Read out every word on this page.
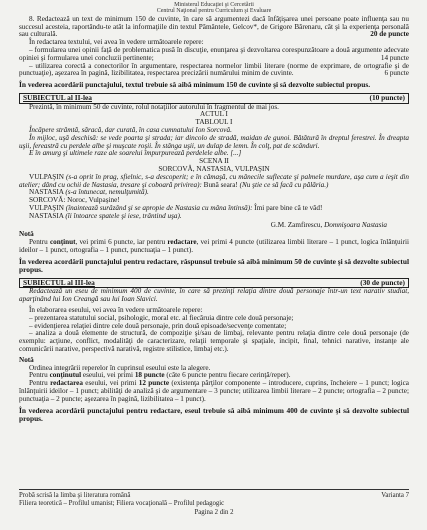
Ministerul Educaţiei şi Cercetării
Centrul Naţional pentru Curriculum şi Evaluare

8. Redactează un text de minimum 150 de cuvinte, în care să argumentezi dacă înfăţişarea unei persoane poate influenţa sau nu succesul acesteia, raportându-te atât la informaţiile din textul Pământele, Gelcov*, de Grigore Bărenaru, cât şi la experienţa personală sau culturală.	20 de puncte

În redactarea textului, vei avea în vedere următoarele repere:

– formularea unei opinii faţă de problematica pusă în discuţie, enunţarea şi dezvoltarea corespunzătoare a două argumente adecvate opiniei şi formularea unei concluzii pertinente;	14 puncte

– utilizarea corectă a conectorilor în argumentare, respectarea normelor limbii literare (norme de exprimare, de ortografie şi de punctuaţie), aşezarea în pagină, lizibilitatea, respectarea precizării numărului minim de cuvinte.	6 puncte

În vederea acordării punctajului, textul trebuie să aibă minimum 150 de cuvinte şi să dezvolte subiectul propus.

SUBIECTUL al II-lea	(10 puncte)

Prezintă, în minimum 50 de cuvinte, rolul notaţiilor autorului în fragmentul de mai jos.

ACTUL I

TABLOUL I

Încăpere strâmtă, săracă, dar curată, în casa cumnatului Ion Sorcovă.

În mijloc, uşă deschisă: se vede poarta şi strada; iar dincolo de stradă, maidan de gunoi. Bătătură în dreptul ferestrei. În dreapta uşii, fereastră cu perdele albe şi muşcate roşii. În stânga uşii, un dulap de lemn. În colţ, pat de scânduri.

E în amurg şi ultimele raze ale soarelui împurpurează perdelele albe. [...]

SCENA II

SORCOVĂ, NASTASIA, VULPAŞIN

VULPAŞIN (s-a oprit în prag, sfielnic, s-a descoperit; e în cămaşă, cu mânecile suflecate şi palmele murdare, aşa cum a ieşit din atelier; dând cu ochii de Nastasia, tresare şi coboară privirea): Bună seara! (Nu ştie ce să facă cu pălăria.)

NASTASIA (s-a întunecat, nemulţumită).

SORCOVĂ: Noroc, Vulpaşine!

VULPAŞIN (înaintează surâzând şi se apropie de Nastasia cu mâna întinsă): Îmi pare bine că te văd!

NASTASIA (îi întoarce spatele şi iese, trântind uşa).

G.M. Zamfirescu, Domnişoara Nastasia

Notă

Pentru conţinut, vei primi 6 puncte, iar pentru redactare, vei primi 4 puncte (utilizarea limbii literare – 1 punct, logica înlănţuirii ideilor – 1 punct, ortografia – 1 punct, punctuaţia – 1 punct).

În vederea acordării punctajului pentru redactare, răspunsul trebuie să aibă minimum 50 de cuvinte şi să dezvolte subiectul propus.

SUBIECTUL al III-lea	(30 de puncte)

Redactează un eseu de minimum 400 de cuvinte, în care să prezinţi relaţia dintre două personaje într-un text narativ studiat, aparţinând lui Ion Creangă sau lui Ioan Slavici.

În elaborarea eseului, vei avea în vedere următoarele repere:

– prezentarea statutului social, psihologic, moral etc. al fiecăruia dintre cele două personaje;

– evidenţierea relaţiei dintre cele două personaje, prin două episoade/secvenţe comentate;

– analiza a două elemente de structură, de compoziţie şi/sau de limbaj, relevante pentru relaţia dintre cele două personaje (de exemplu: acţiune, conflict, modalităţi de caracterizare, relaţii temporale şi spaţiale, incipit, final, tehnici narative, instanţe ale comunicării narative, perspectivă narativă, registre stilistice, limbaj etc.).

Notă

Ordinea integrării reperelor în cuprinsul eseului este la alegere.

Pentru conţinutul eseului, vei primi 18 puncte (câte 6 puncte pentru fiecare cerinţă/reper).

Pentru redactarea eseului, vei primi 12 puncte (existenţa părţilor componente – introducere, cuprins, încheiere – 1 punct; logica înlănţuirii ideilor – 1 punct; abilităţi de analiză şi de argumentare – 3 puncte; utilizarea limbii literare – 2 puncte; ortografia – 2 puncte; punctuaţia – 2 puncte; aşezarea în pagină, lizibilitatea – 1 punct).

În vederea acordării punctajului pentru redactare, eseul trebuie să aibă minimum 400 de cuvinte şi să dezvolte subiectul propus.

Probă scrisă la limba şi literatura română	Varianta 7
Filiera teoretică – Profilul umanist; Filiera vocaţională – Profilul pedagogic
Pagina 2 din 2
